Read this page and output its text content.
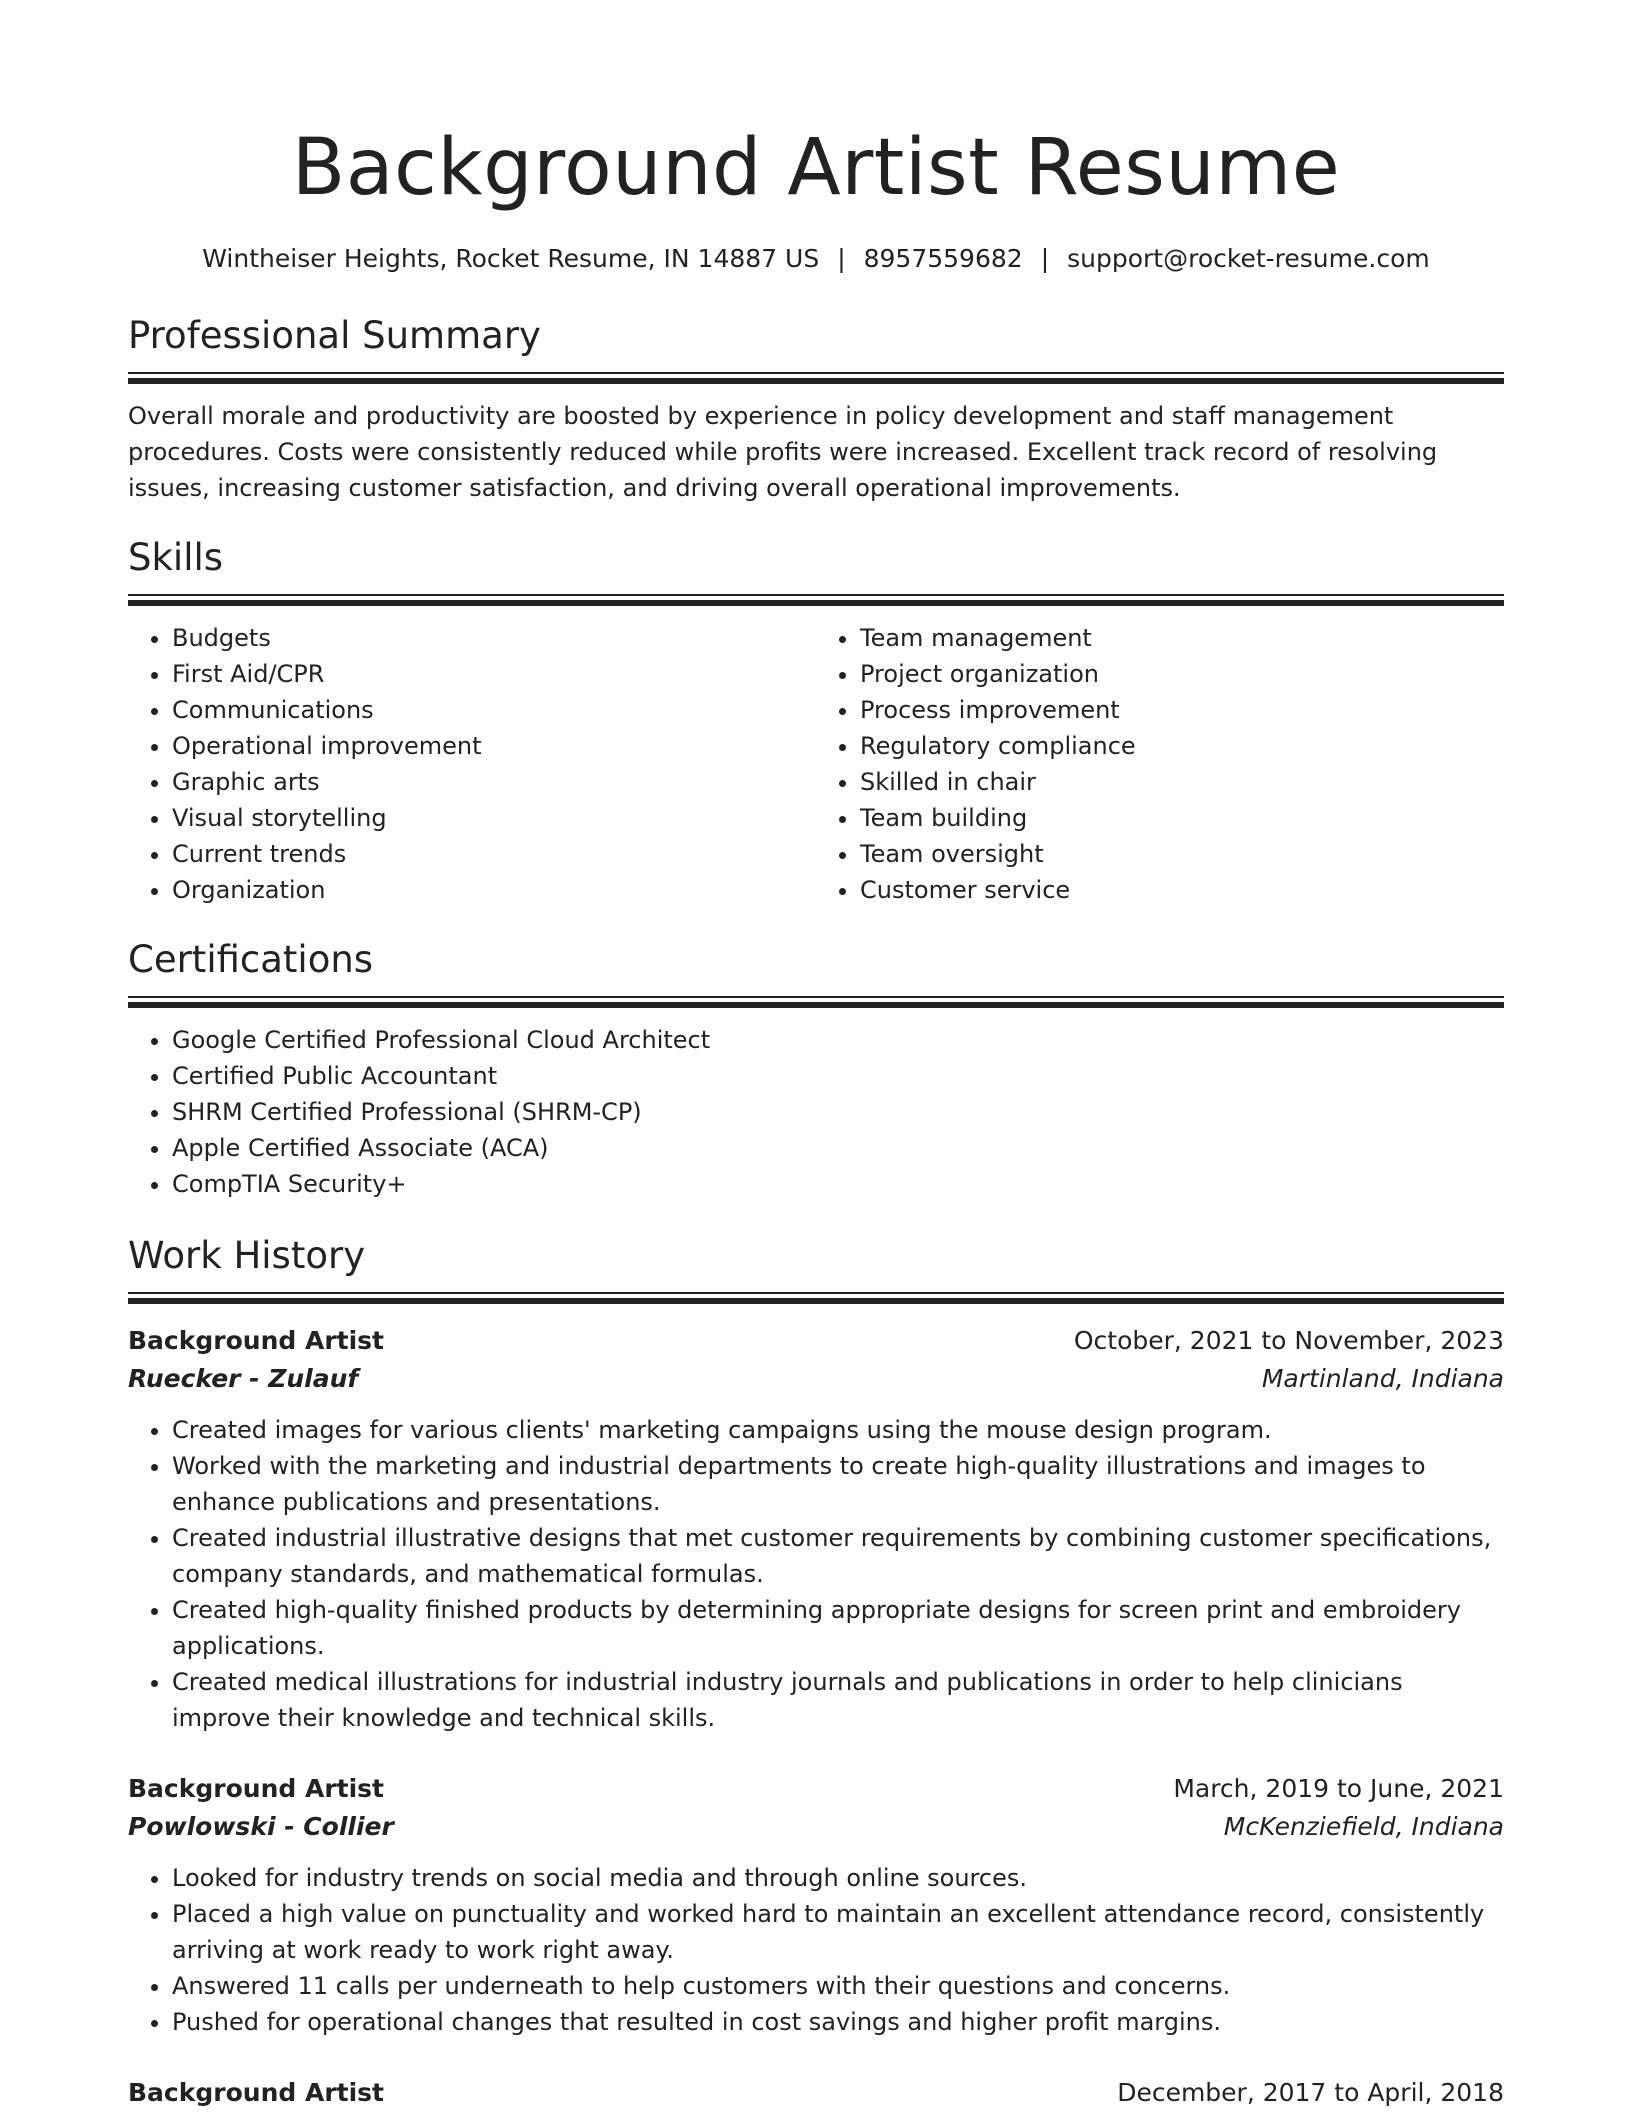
Background Artist Resume
Wintheiser Heights, Rocket Resume, IN 14887 US | 8957559682 | support@rocket-resume.com
Professional Summary

Overall morale and productivity are boosted by experience in policy development and staff management procedures. Costs were consistently reduced while profits were increased. Excellent track record of resolving issues, increasing customer satisfaction, and driving overall operational improvements.

Skills
• Budgets
• First Aid/CPR
• Communications
• Operational improvement
• Graphic arts
• Visual storytelling
• Current trends
• Organization
• Team management
• Project organization
• Process improvement
• Regulatory compliance
• Skilled in chair
• Team building
• Team oversight
• Customer service
Certifications
• Google Certified Professional Cloud Architect
• Certified Public Accountant
• SHRM Certified Professional (SHRM-CP)
• Apple Certified Associate (ACA)
• CompTIA Security+
Work History
Background Artist	October, 2021 to November, 2023
Ruecker - Zulauf	Martinland, Indiana
• Created images for various clients' marketing campaigns using the mouse design program.
• Worked with the marketing and industrial departments to create high-quality illustrations and images to enhance publications and presentations.
• Created industrial illustrative designs that met customer requirements by combining customer specifications, company standards, and mathematical formulas.
• Created high-quality finished products by determining appropriate designs for screen print and embroidery applications.
• Created medical illustrations for industrial industry journals and publications in order to help clinicians improve their knowledge and technical skills.
Background Artist	March, 2019 to June, 2021
Powlowski - Collier	McKenziefield, Indiana
• Looked for industry trends on social media and through online sources.
• Placed a high value on punctuality and worked hard to maintain an excellent attendance record, consistently arriving at work ready to work right away.
• Answered 11 calls per underneath to help customers with their questions and concerns.
• Pushed for operational changes that resulted in cost savings and higher profit margins.
Background Artist	December, 2017 to April, 2018
